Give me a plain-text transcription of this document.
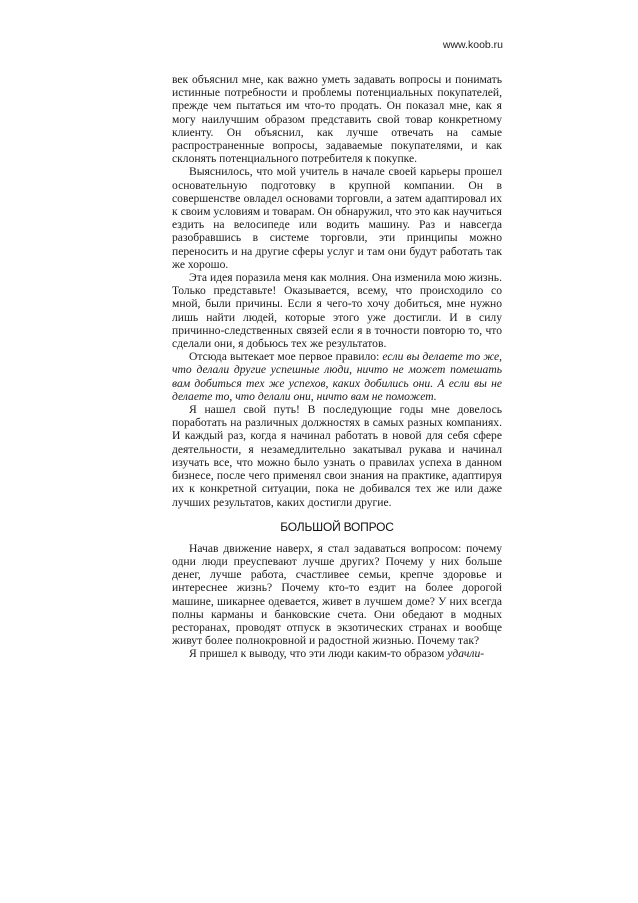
www.koob.ru

век объяснил мне, как важно уметь задавать вопросы и понимать истинные потребности и проблемы потенциальных покупателей, прежде чем пытаться им что-то продать. Он показал мне, как я могу наилучшим образом представить свой товар конкретному клиенту. Он объяснил, как лучше отвечать на самые распространенные вопросы, задаваемые покупателями, и как склонять потенциального потребителя к покупке.

Выяснилось, что мой учитель в начале своей карьеры прошел основательную подготовку в крупной компании. Он в совершенстве овладел основами торговли, а затем адаптировал их к своим условиям и товарам. Он обнаружил, что это как научиться ездить на велосипеде или водить машину. Раз и навсегда разобравшись в системе торговли, эти принципы можно переносить и на другие сферы услуг и там они будут работать так же хорошо.

Эта идея поразила меня как молния. Она изменила мою жизнь. Только представьте! Оказывается, всему, что происходило со мной, были причины. Если я чего-то хочу добиться, мне нужно лишь найти людей, которые этого уже достигли. И в силу причинно-следственных связей если я в точности повторю то, что сделали они, я добьюсь тех же результатов.

Отсюда вытекает мое первое правило: если вы делаете то же, что делали другие успешные люди, ничто не может помешать вам добиться тех же успехов, каких добились они. А если вы не делаете то, что делали они, ничто вам не поможет.

Я нашел свой путь! В последующие годы мне довелось поработать на различных должностях в самых разных компаниях. И каждый раз, когда я начинал работать в новой для себя сфере деятельности, я незамедлительно закатывал рукава и начинал изучать все, что можно было узнать о правилах успеха в данном бизнесе, после чего применял свои знания на практике, адаптируя их к конкретной ситуации, пока не добивался тех же или даже лучших результатов, каких достигли другие.

БОЛЬШОЙ ВОПРОС

Начав движение наверх, я стал задаваться вопросом: почему одни люди преуспевают лучше других? Почему у них больше денег, лучше работа, счастливее семьи, крепче здоровье и интереснее жизнь? Почему кто-то ездит на более дорогой машине, шикарнее одевается, живет в лучшем доме? У них всегда полны карманы и банковские счета. Они обедают в модных ресторанах, проводят отпуск в экзотических странах и вообще живут более полнокровной и радостной жизнью. Почему так?

Я пришел к выводу, что эти люди каким-то образом удачли-
